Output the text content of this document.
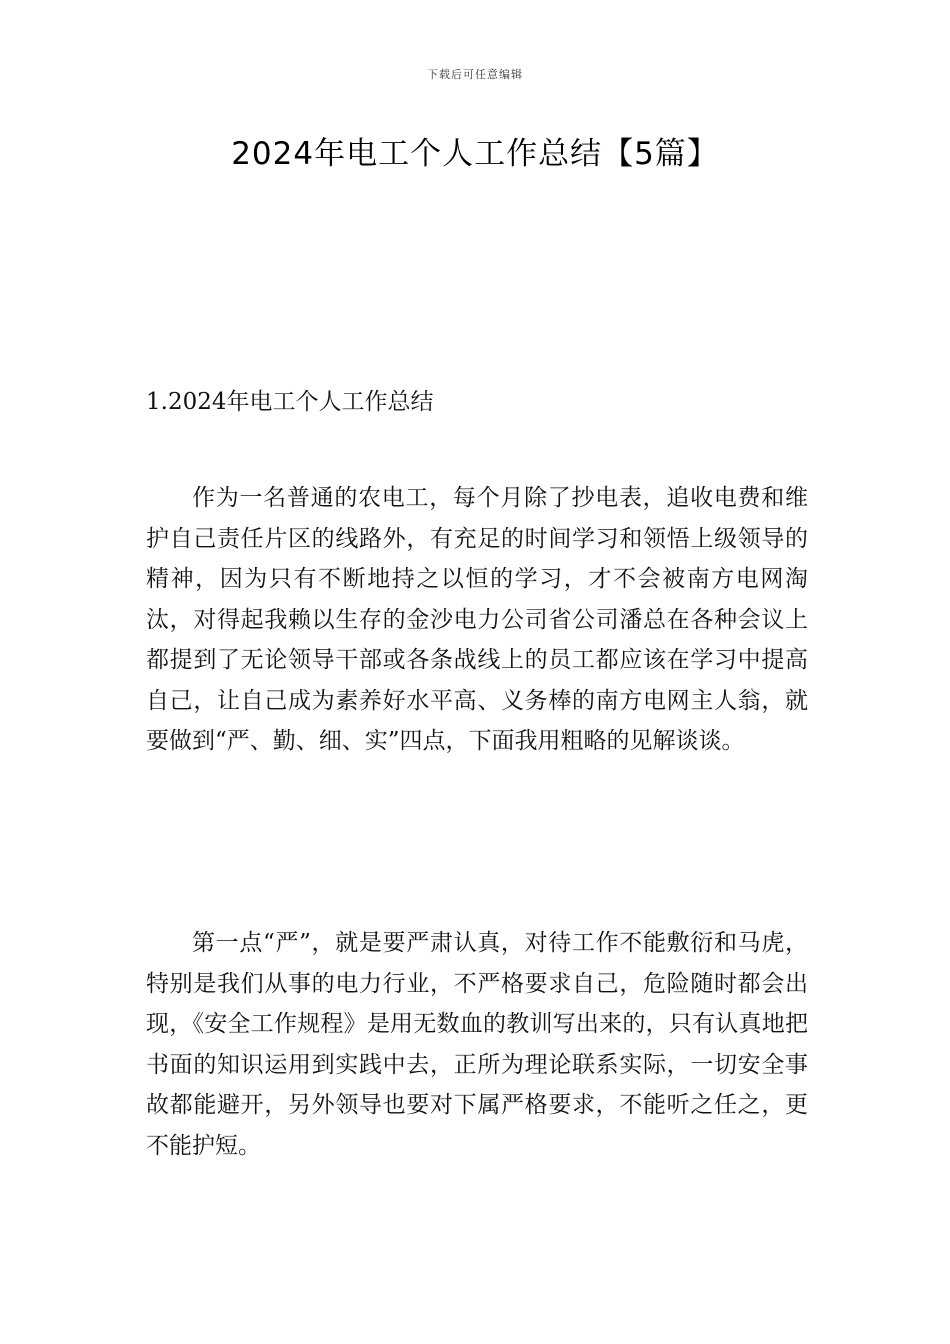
下载后可任意编辑
2024年电工个人工作总结【5篇】
1.2024年电工个人工作总结

作为一名普通的农电工，每个月除了抄电表，追收电费和维护自己责任片区的线路外，有充足的时间学习和领悟上级领导的精神，因为只有不断地持之以恒的学习，才不会被南方电网淘汰，对得起我赖以生存的金沙电力公司省公司潘总在各种会议上都提到了无论领导干部或各条战线上的员工都应该在学习中提高自己，让自己成为素养好水平高、义务棒的南方电网主人翁，就要做到“严、勤、细、实”四点，下面我用粗略的见解谈谈。

第一点“严”，就是要严肃认真，对待工作不能敷衍和马虎，特别是我们从事的电力行业，不严格要求自己，危险随时都会出现，《安全工作规程》是用无数血的教训写出来的，只有认真地把书面的知识运用到实践中去，正所为理论联系实际，一切安全事故都能避开，另外领导也要对下属严格要求，不能听之任之，更不能护短。
